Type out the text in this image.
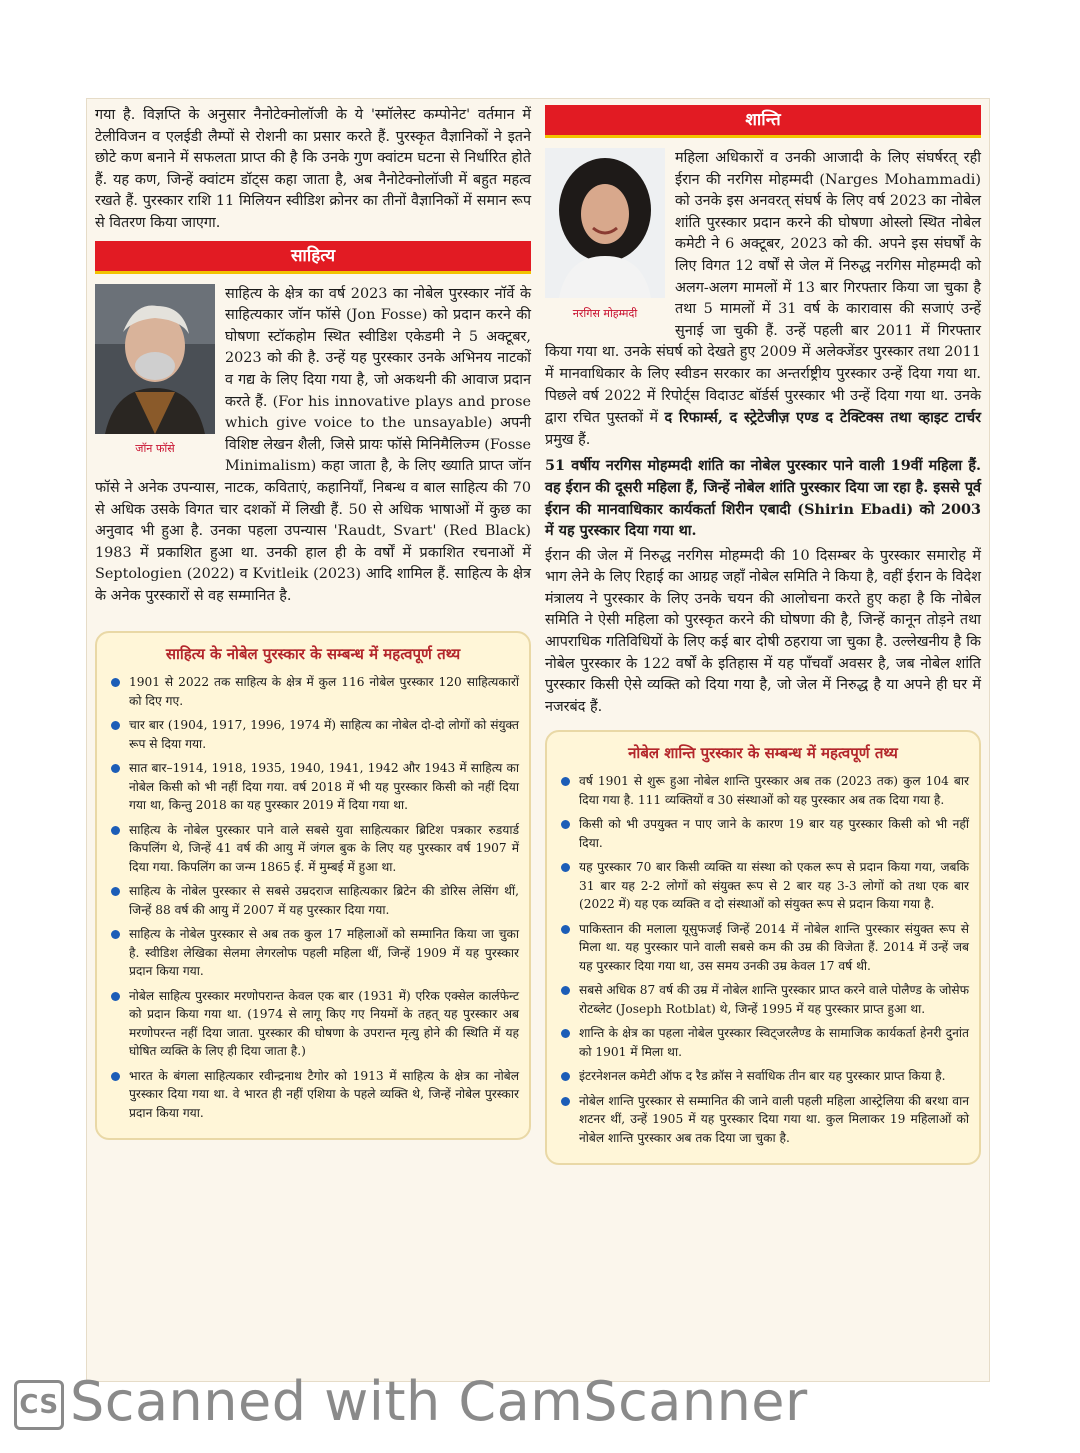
गया है. विज्ञप्ति के अनुसार नैनोटेक्नोलॉजी के ये 'स्मॉलेस्ट कम्पोनेट' वर्तमान में टेलीविजन व एलईडी लैम्पों से रोशनी का प्रसार करते हैं. पुरस्कृत वैज्ञानिकों ने इतने छोटे कण बनाने में सफलता प्राप्त की है कि उनके गुण क्वांटम घटना से निर्धारित होते हैं. यह कण, जिन्हें क्वांटम डॉट्स कहा जाता है, अब नैनोटेक्नोलॉजी में बहुत महत्व रखते हैं. पुरस्कार राशि 11 मिलियन स्वीडिश क्रोनर का तीनों वैज्ञानिकों में समान रूप से वितरण किया जाएगा.

साहित्य
जॉन फॉसे

साहित्य के क्षेत्र का वर्ष 2023 का नोबेल पुरस्कार नॉर्वे के साहित्यकार जॉन फॉसे (Jon Fosse) को प्रदान करने की घोषणा स्टॉकहोम स्थित स्वीडिश एकेडमी ने 5 अक्टूबर, 2023 को की है. उन्हें यह पुरस्कार उनके अभिनय नाटकों व गद्य के लिए दिया गया है, जो अकथनी की आवाज प्रदान करते हैं. (For his innovative plays and prose which give voice to the unsayable) अपनी विशिष्ट लेखन शैली, जिसे प्रायः फॉसे मिनिमैलिज्म (Fosse Minimalism) कहा जाता है, के लिए ख्याति प्राप्त जॉन फॉसे ने अनेक उपन्यास, नाटक, कविताएं, कहानियाँ, निबन्ध व बाल साहित्य की 70 से अधिक उसके विगत चार दशकों में लिखी हैं. 50 से अधिक भाषाओं में कुछ का अनुवाद भी हुआ है. उनका पहला उपन्यास 'Raudt, Svart' (Red Black) 1983 में प्रकाशित हुआ था. उनकी हाल ही के वर्षों में प्रकाशित रचनाओं में Septologien (2022) व Kvitleik (2023) आदि शामिल हैं. साहित्य के क्षेत्र के अनेक पुरस्कारों से वह सम्मानित है.

साहित्य के नोबेल पुरस्कार के सम्बन्ध में महत्वपूर्ण तथ्य
1901 से 2022 तक साहित्य के क्षेत्र में कुल 116 नोबेल पुरस्कार 120 साहित्यकारों को दिए गए.
चार बार (1904, 1917, 1996, 1974 में) साहित्य का नोबेल दो-दो लोगों को संयुक्त रूप से दिया गया.
सात बार–1914, 1918, 1935, 1940, 1941, 1942 और 1943 में साहित्य का नोबेल किसी को भी नहीं दिया गया. वर्ष 2018 में भी यह पुरस्कार किसी को नहीं दिया गया था, किन्तु 2018 का यह पुरस्कार 2019 में दिया गया था.
साहित्य के नोबेल पुरस्कार पाने वाले सबसे युवा साहित्यकार ब्रिटिश पत्रकार रुडयार्ड किपलिंग थे, जिन्हें 41 वर्ष की आयु में जंगल बुक के लिए यह पुरस्कार वर्ष 1907 में दिया गया. किपलिंग का जन्म 1865 ई. में मुम्बई में हुआ था.
साहित्य के नोबेल पुरस्कार से सबसे उम्रदराज साहित्यकार ब्रिटेन की डोरिस लेसिंग थीं, जिन्हें 88 वर्ष की आयु में 2007 में यह पुरस्कार दिया गया.
साहित्य के नोबेल पुरस्कार से अब तक कुल 17 महिलाओं को सम्मानित किया जा चुका है. स्वीडिश लेखिका सेलमा लेगरलोफ पहली महिला थीं, जिन्हें 1909 में यह पुरस्कार प्रदान किया गया.
नोबेल साहित्य पुरस्कार मरणोपरान्त केवल एक बार (1931 में) एरिक एक्सेल कार्लफेन्ट को प्रदान किया गया था. (1974 से लागू किए गए नियमों के तहत् यह पुरस्कार अब मरणोपरन्त नहीं दिया जाता. पुरस्कार की घोषणा के उपरान्त मृत्यु होने की स्थिति में यह घोषित व्यक्ति के लिए ही दिया जाता है.)
भारत के बंगला साहित्यकार रवीन्द्रनाथ टैगोर को 1913 में साहित्य के क्षेत्र का नोबेल पुरस्कार दिया गया था. वे भारत ही नहीं एशिया के पहले व्यक्ति थे, जिन्हें नोबेल पुरस्कार प्रदान किया गया.
शान्ति
नरगिस मोहम्मदी

महिला अधिकारों व उनकी आजादी के लिए संघर्षरत् रही ईरान की नरगिस मोहम्मदी (Narges Mohammadi) को उनके इस अनवरत् संघर्ष के लिए वर्ष 2023 का नोबेल शांति पुरस्कार प्रदान करने की घोषणा ओस्लो स्थित नोबेल कमेटी ने 6 अक्टूबर, 2023 को की. अपने इस संघर्षों के लिए विगत 12 वर्षों से जेल में निरुद्ध नरगिस मोहम्मदी को अलग-अलग मामलों में 13 बार गिरफ्तार किया जा चुका है तथा 5 मामलों में 31 वर्ष के कारावास की सजाएं उन्हें सुनाई जा चुकी हैं. उन्हें पहली बार 2011 में गिरफ्तार किया गया था. उनके संघर्ष को देखते हुए 2009 में अलेक्जेंडर पुरस्कार तथा 2011 में मानवाधिकार के लिए स्वीडन सरकार का अन्तर्राष्ट्रीय पुरस्कार उन्हें दिया गया था. पिछले वर्ष 2022 में रिपोर्ट्स विदाउट बॉर्डर्स पुरस्कार भी उन्हें दिया गया था. उनके द्वारा रचित पुस्तकों में द रिफार्म्स, द स्ट्रेटेजीज़ एण्ड द टेक्टिक्स तथा व्हाइट टार्चर प्रमुख हैं.

51 वर्षीय नरगिस मोहम्मदी शांति का नोबेल पुरस्कार पाने वाली 19वीं महिला हैं. वह ईरान की दूसरी महिला हैं, जिन्हें नोबेल शांति पुरस्कार दिया जा रहा है. इससे पूर्व ईरान की मानवाधिकार कार्यकर्ता शिरीन एबादी (Shirin Ebadi) को 2003 में यह पुरस्कार दिया गया था.

ईरान की जेल में निरुद्ध नरगिस मोहम्मदी की 10 दिसम्बर के पुरस्कार समारोह में भाग लेने के लिए रिहाई का आग्रह जहाँ नोबेल समिति ने किया है, वहीं ईरान के विदेश मंत्रालय ने पुरस्कार के लिए उनके चयन की आलोचना करते हुए कहा है कि नोबेल समिति ने ऐसी महिला को पुरस्कृत करने की घोषणा की है, जिन्हें कानून तोड़ने तथा आपराधिक गतिविधियों के लिए कई बार दोषी ठहराया जा चुका है. उल्लेखनीय है कि नोबेल पुरस्कार के 122 वर्षों के इतिहास में यह पाँचवाँ अवसर है, जब नोबेल शांति पुरस्कार किसी ऐसे व्यक्ति को दिया गया है, जो जेल में निरुद्ध है या अपने ही घर में नजरबंद हैं.

नोबेल शान्ति पुरस्कार के सम्बन्ध में महत्वपूर्ण तथ्य
वर्ष 1901 से शुरू हुआ नोबेल शान्ति पुरस्कार अब तक (2023 तक) कुल 104 बार दिया गया है. 111 व्यक्तियों व 30 संस्थाओं को यह पुरस्कार अब तक दिया गया है.
किसी को भी उपयुक्त न पाए जाने के कारण 19 बार यह पुरस्कार किसी को भी नहीं दिया.
यह पुरस्कार 70 बार किसी व्यक्ति या संस्था को एकल रूप से प्रदान किया गया, जबकि 31 बार यह 2-2 लोगों को संयुक्त रूप से 2 बार यह 3-3 लोगों को तथा एक बार (2022 में) यह एक व्यक्ति व दो संस्थाओं को संयुक्त रूप से प्रदान किया गया है.
पाकिस्तान की मलाला यूसुफजई जिन्हें 2014 में नोबेल शान्ति पुरस्कार संयुक्त रूप से मिला था. यह पुरस्कार पाने वाली सबसे कम की उम्र की विजेता हैं. 2014 में उन्हें जब यह पुरस्कार दिया गया था, उस समय उनकी उम्र केवल 17 वर्ष थी.
सबसे अधिक 87 वर्ष की उम्र में नोबेल शान्ति पुरस्कार प्राप्त करने वाले पोलैण्ड के जोसेफ रोटब्लेट (Joseph Rotblat) थे, जिन्हें 1995 में यह पुरस्कार प्राप्त हुआ था.
शान्ति के क्षेत्र का पहला नोबेल पुरस्कार स्विट्जरलैण्ड के सामाजिक कार्यकर्ता हेनरी दुनांत को 1901 में मिला था.
इंटरनेशनल कमेटी ऑफ द रैड क्रॉस ने सर्वाधिक तीन बार यह पुरस्कार प्राप्त किया है.
नोबेल शान्ति पुरस्कार से सम्मानित की जाने वाली पहली महिला आस्ट्रेलिया की बरथा वान शटनर थीं, उन्हें 1905 में यह पुरस्कार दिया गया था. कुल मिलाकर 19 महिलाओं को नोबेल शान्ति पुरस्कार अब तक दिया जा चुका है.
CS Scanned with CamScanner
